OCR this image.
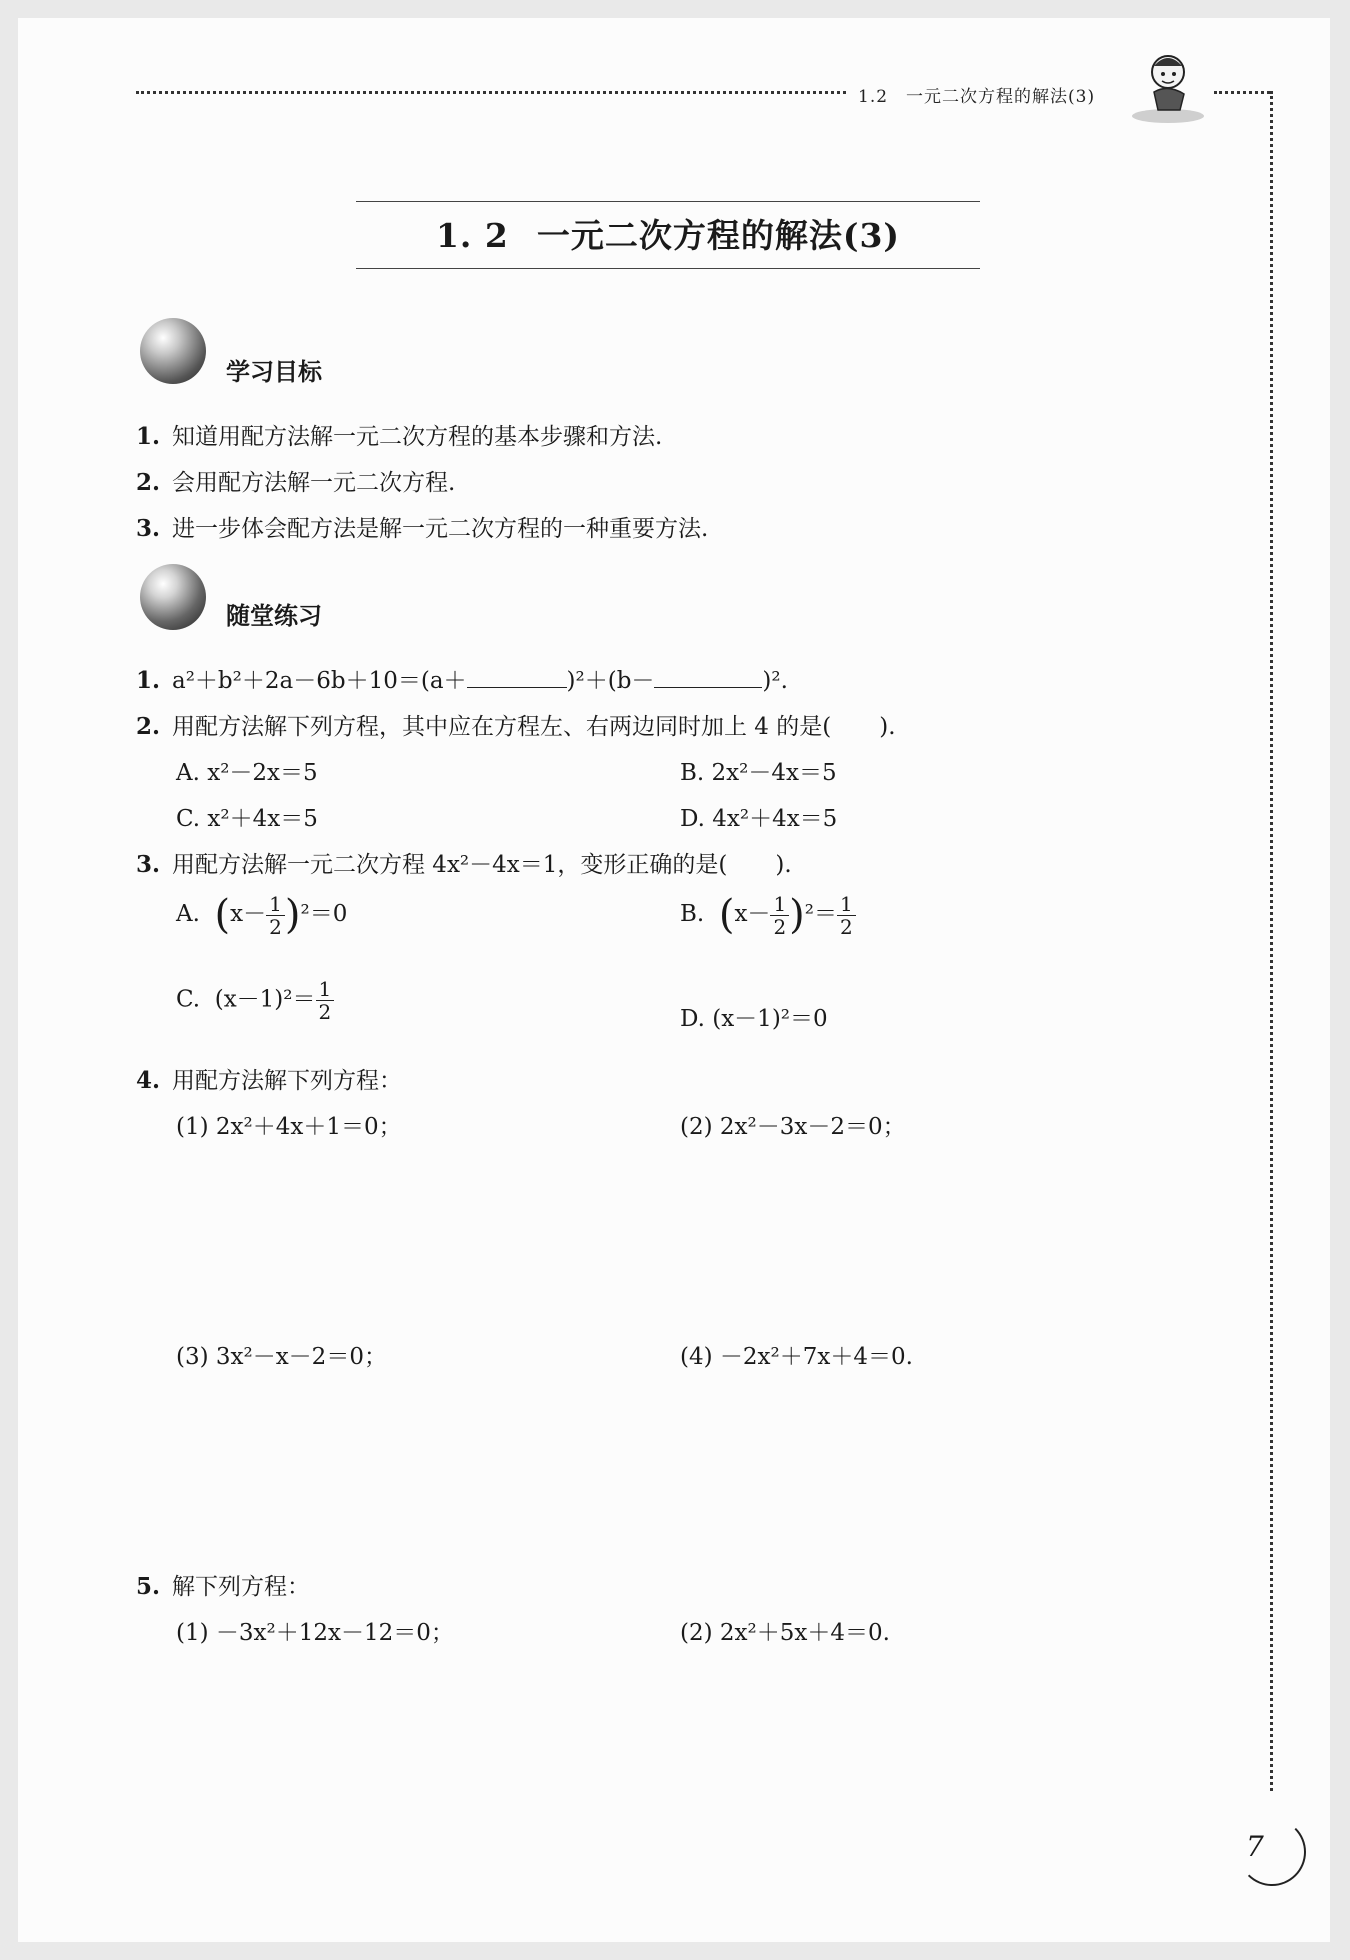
1.2　一元二次方程的解法(3)
1. 2 一元二次方程的解法(3)
学习目标
1. 知道用配方法解一元二次方程的基本步骤和方法.
2. 会用配方法解一元二次方程.
3. 进一步体会配方法是解一元二次方程的一种重要方法.
随堂练习
1. a²＋b²＋2a－6b＋10＝(a＋	)²＋(b－	)².
2. 用配方法解下列方程，其中应在方程左、右两边同时加上 4 的是( ).
A. x²－2x＝5	B. 2x²－4x＝5
C. x²＋4x＝5	D. 4x²＋4x＝5
3. 用配方法解一元二次方程 4x²－4x＝1，变形正确的是( ).
A. $(x- \frac{1}{2} )^2=0$	B. $(x- \frac{1}{2} )^2= \frac{1}{2}$
C. $(x-1)^2= \frac{1}{2}$	D. (x－1)²＝0
4. 用配方法解下列方程：
(1) 2x²＋4x＋1＝0；	(2) 2x²－3x－2＝0；
(3) 3x²－x－2＝0；	(4) －2x²＋7x＋4＝0.
5. 解下列方程：
(1) －3x²＋12x－12＝0；	(2) 2x²＋5x＋4＝0.
7
